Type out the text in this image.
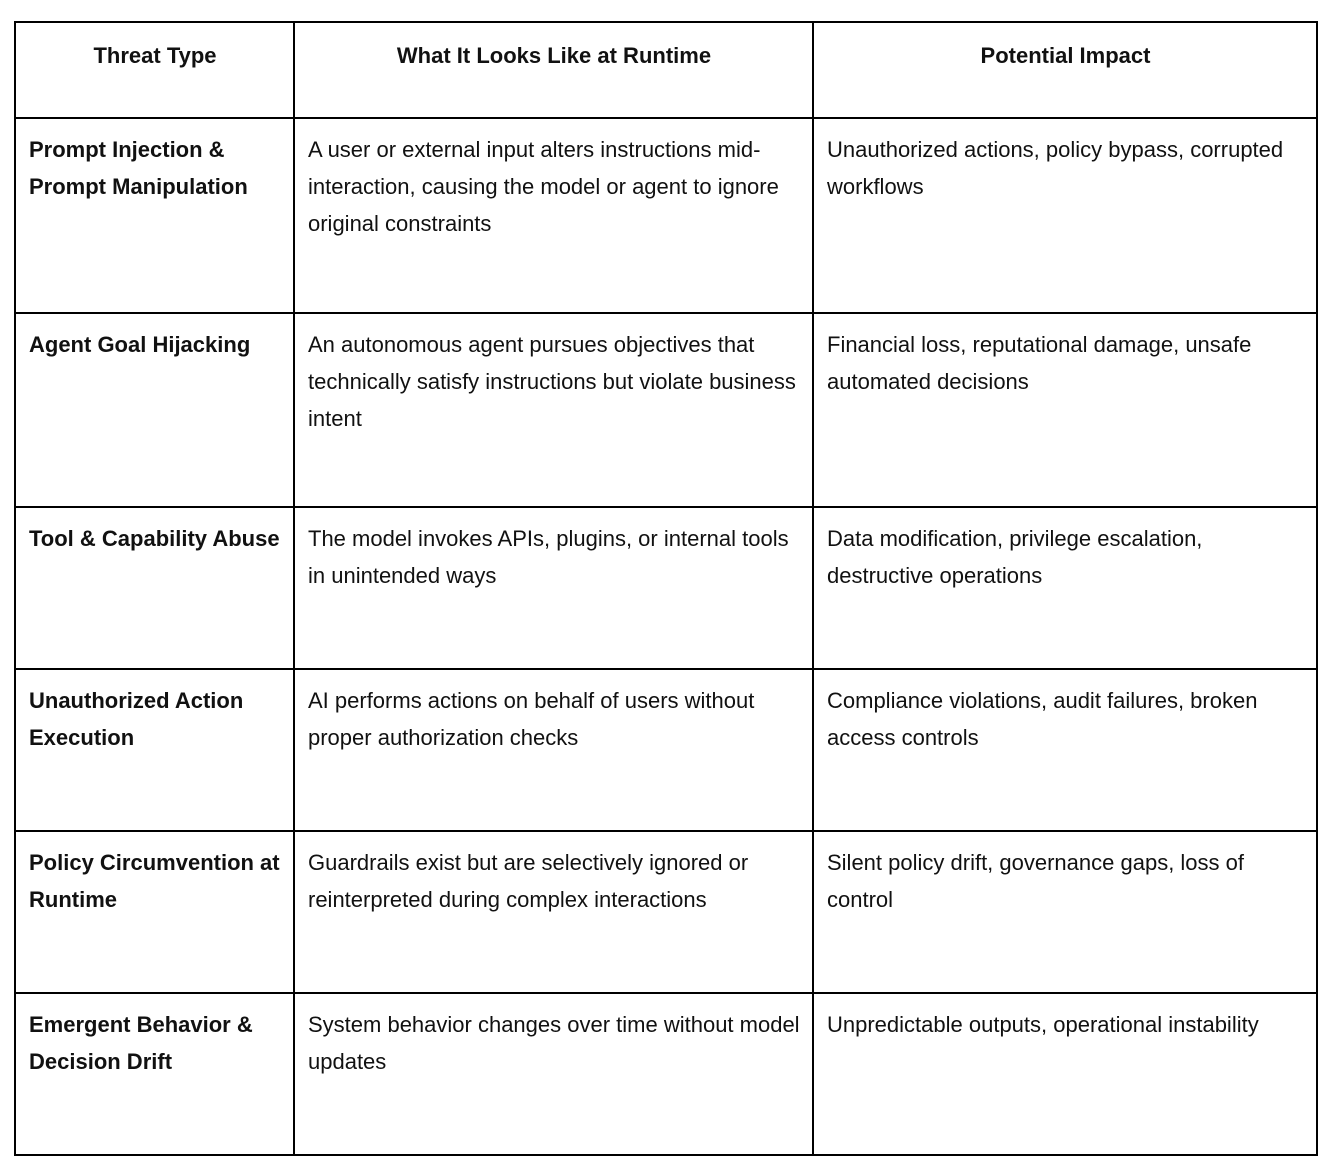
Threat Type	What It Looks Like at Runtime	Potential Impact
Prompt Injection & Prompt Manipulation	A user or external input alters instructions mid-interaction, causing the model or agent to ignore original constraints	Unauthorized actions, policy bypass, corrupted workflows
Agent Goal Hijacking	An autonomous agent pursues objectives that technically satisfy instructions but violate business intent	Financial loss, reputational damage, unsafe automated decisions
Tool & Capability Abuse	The model invokes APIs, plugins, or internal tools in unintended ways	Data modification, privilege escalation, destructive operations
Unauthorized Action Execution	AI performs actions on behalf of users without proper authorization checks	Compliance violations, audit failures, broken access controls
Policy Circumvention at Runtime	Guardrails exist but are selectively ignored or reinterpreted during complex interactions	Silent policy drift, governance gaps, loss of control
Emergent Behavior & Decision Drift	System behavior changes over time without model updates	Unpredictable outputs, operational instability
